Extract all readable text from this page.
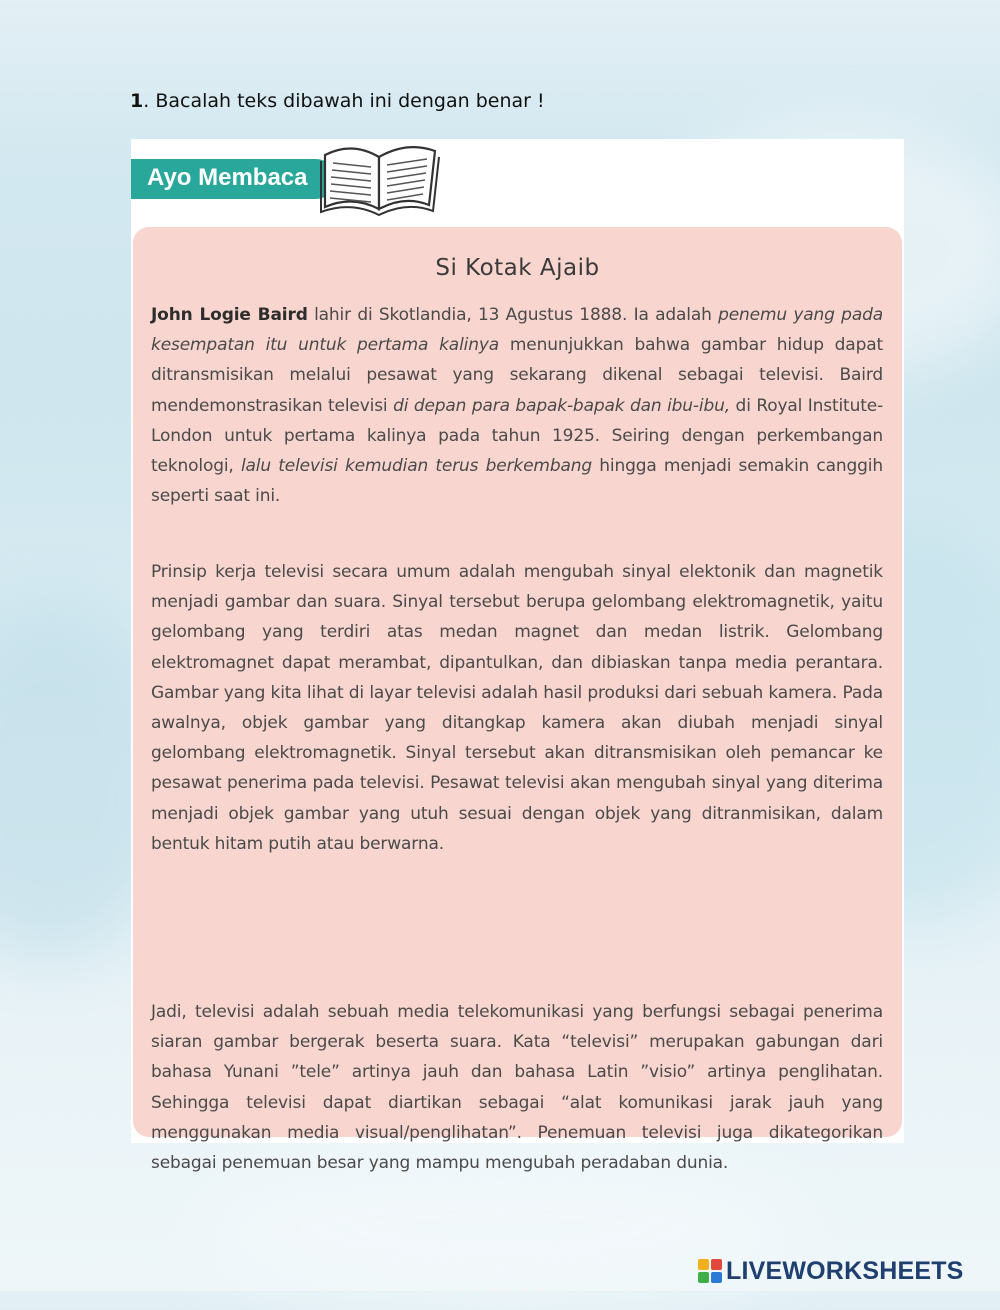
1. Bacalah teks dibawah ini dengan benar !
Ayo Membaca
Si Kotak Ajaib

John Logie Baird lahir di Skotlandia, 13 Agustus 1888. Ia adalah penemu yang pada kesempatan itu untuk pertama kalinya menunjukkan bahwa gambar hidup dapat ditransmisikan melalui pesawat yang sekarang dikenal sebagai televisi. Baird mendemonstrasikan televisi di depan para bapak-bapak dan ibu-ibu, di Royal Institute-London untuk pertama kalinya pada tahun 1925. Seiring dengan perkembangan teknologi, lalu televisi kemudian terus berkembang hingga menjadi semakin canggih seperti saat ini.

Prinsip kerja televisi secara umum adalah mengubah sinyal elektonik dan magnetik menjadi gambar dan suara. Sinyal tersebut berupa gelombang elektromagnetik, yaitu gelombang yang terdiri atas medan magnet dan medan listrik. Gelombang elektromagnet dapat merambat, dipantulkan, dan dibiaskan tanpa media perantara. Gambar yang kita lihat di layar televisi adalah hasil produksi dari sebuah kamera. Pada awalnya, objek gambar yang ditangkap kamera akan diubah menjadi sinyal gelombang elektromagnetik. Sinyal tersebut akan ditransmisikan oleh pemancar ke pesawat penerima pada televisi. Pesawat televisi akan mengubah sinyal yang diterima menjadi objek gambar yang utuh sesuai dengan objek yang ditranmisikan, dalam bentuk hitam putih atau berwarna.

Jadi, televisi adalah sebuah media telekomunikasi yang berfungsi sebagai penerima siaran gambar bergerak beserta suara. Kata “televisi” merupakan gabungan dari bahasa Yunani ”tele” artinya jauh dan bahasa Latin ”visio” artinya penglihatan. Sehingga televisi dapat diartikan sebagai “alat komunikasi jarak jauh yang menggunakan media visual/penglihatan”. Penemuan televisi juga dikategorikan sebagai penemuan besar yang mampu mengubah peradaban dunia.

LIVEWORKSHEETS
